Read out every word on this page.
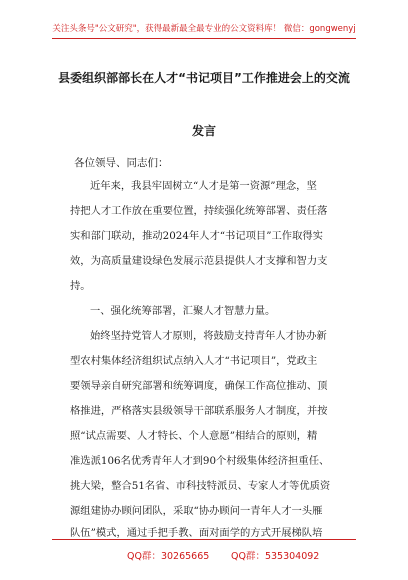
关注头条号"公文研究"，获得最新最全最专业的公文资料库！ 微信：gongwenyj
县委组织部部长在人才“书记项目”工作推进会上的交流
发言
各位领导、同志们：
近年来，我县牢固树立“人才是第一资源”理念，坚
持把人才工作放在重要位置，持续强化统筹部署、责任落
实和部门联动，推动2024年人才“书记项目”工作取得实
效，为高质量建设绿色发展示范县提供人才支撑和智力支
持。
一、强化统筹部署，汇聚人才智慧力量。
始终坚持党管人才原则，将鼓励支持青年人才协办新
型农村集体经济组织试点纳入人才“书记项目”，党政主
要领导亲自研究部署和统筹调度，确保工作高位推动、顶
格推进，严格落实县级领导干部联系服务人才制度，并按
照“试点需要、人才特长、个人意愿”相结合的原则，精
准选派106名优秀青年人才到90个村级集体经济担重任、
挑大梁，整合51名省、市科技特派员、专家人才等优质资
源组建协办顾问团队，采取“协办顾问一青年人才一头雁
队伍”模式，通过手把手教、面对面学的方式开展梯队培
QQ群：30265665 QQ群：535304092
